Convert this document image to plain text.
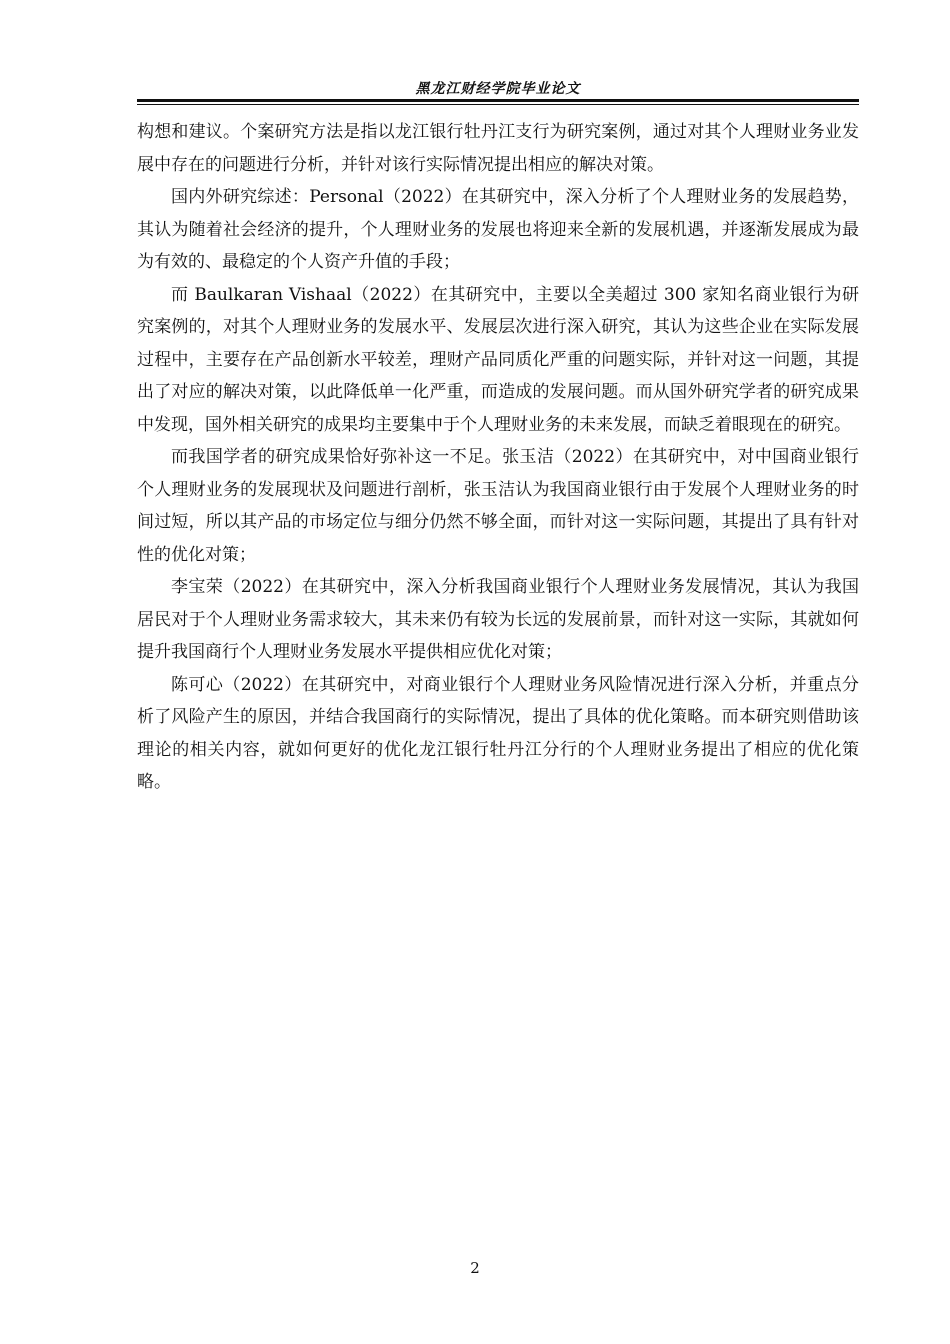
黑龙江财经学院毕业论文

构想和建议。个案研究方法是指以龙江银行牡丹江支行为研究案例，通过对其个人理财业务业发展中存在的问题进行分析，并针对该行实际情况提出相应的解决对策。

国内外研究综述：Personal（2022）在其研究中，深入分析了个人理财业务的发展趋势，其认为随着社会经济的提升，个人理财业务的发展也将迎来全新的发展机遇，并逐渐发展成为最为有效的、最稳定的个人资产升值的手段；

而 Baulkaran Vishaal（2022）在其研究中，主要以全美超过 300 家知名商业银行为研究案例的，对其个人理财业务的发展水平、发展层次进行深入研究，其认为这些企业在实际发展过程中，主要存在产品创新水平较差，理财产品同质化严重的问题实际，并针对这一问题，其提出了对应的解决对策，以此降低单一化严重，而造成的发展问题。而从国外研究学者的研究成果中发现，国外相关研究的成果均主要集中于个人理财业务的未来发展，而缺乏着眼现在的研究。

而我国学者的研究成果恰好弥补这一不足。张玉洁（2022）在其研究中，对中国商业银行个人理财业务的发展现状及问题进行剖析，张玉洁认为我国商业银行由于发展个人理财业务的时间过短，所以其产品的市场定位与细分仍然不够全面，而针对这一实际问题，其提出了具有针对性的优化对策；

李宝荣（2022）在其研究中，深入分析我国商业银行个人理财业务发展情况，其认为我国居民对于个人理财业务需求较大，其未来仍有较为长远的发展前景，而针对这一实际，其就如何提升我国商行个人理财业务发展水平提供相应优化对策；

陈可心（2022）在其研究中，对商业银行个人理财业务风险情况进行深入分析，并重点分析了风险产生的原因，并结合我国商行的实际情况，提出了具体的优化策略。而本研究则借助该理论的相关内容，就如何更好的优化龙江银行牡丹江分行的个人理财业务提出了相应的优化策略。

2
